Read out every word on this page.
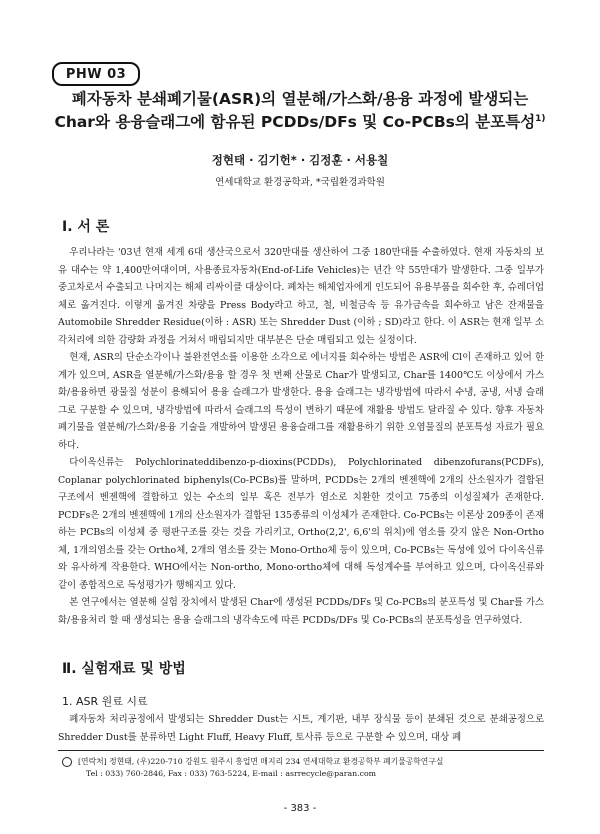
PHW 03
폐자동차 분쇄폐기물(ASR)의 열분해/가스화/용융 과정에 발생되는
Char와 용융슬래그에 함유된 PCDDs/DFs 및 Co-PCBs의 분포특성$^{1)}$
정현태 · 김기헌* · 김정훈 · 서용칠
연세대학교 환경공학과, *국립환경과학원
Ⅰ. 서 론

우리나라는 '03년 현재 세계 6대 생산국으로서 320만대를 생산하여 그중 180만대를 수출하였다. 현재 자동차의 보유 대수는 약 1,400만여대이며, 사용종료자동차(End-of-Life Vehicles)는 년간 약 55만대가 발생한다. 그중 일부가 중고차로서 수출되고 나머지는 해체 리싸이클 대상이다. 폐차는 해체업자에게 인도되어 유용부품을 회수한 후, 슈레더업체로 옮겨진다. 이렇게 옮겨진 차량을 Press Body라고 하고, 철, 비철금속 등 유가금속을 회수하고 남은 잔재물을 Automobile Shredder Residue(이하 : ASR) 또는 Shredder Dust (이하 ; SD)라고 한다. 이 ASR는 현재 일부 소각처리에 의한 감량화 과정을 거쳐서 매립되지만 대부분은 단순 매립되고 있는 실정이다.

현재, ASR의 단순소각이나 불완전연소를 이용한 소각으로 에너지를 회수하는 방법은 ASR에 Cl이 존재하고 있어 한계가 있으며, ASR을 열분해/가스화/용융 할 경우 첫 번째 산물로 Char가 발생되고, Char를 1400℃도 이상에서 가스화/용융하면 광물질 성분이 용해되어 용융 슬래그가 발생한다. 용융 슬래그는 냉각방법에 따라서 수냉, 공냉, 서냉 슬래그로 구분할 수 있으며, 냉각방법에 따라서 슬래그의 특성이 변하기 때문에 재활용 방법도 달라질 수 있다. 향후 자동차 폐기물을 열분해/가스화/용융 기술을 개발하여 발생된 용융슬래그를 재활용하기 위한 오염물질의 분포특성 자료가 필요하다.

다이옥신류는 Polychlorinateddibenzo-p-dioxins(PCDDs), Polychlorinated dibenzofurans(PCDFs), Coplanar polychlorinated biphenyls(Co-PCBs)를 말하며, PCDDs는 2개의 벤젠핵에 2개의 산소원자가 결합된 구조에서 벤젠핵에 결합하고 있는 수소의 일부 혹은 전부가 염소로 치환한 것이고 75종의 이성질체가 존재한다. PCDFs은 2개의 벤젠핵에 1개의 산소원자가 결합된 135종류의 이성체가 존재한다. Co-PCBs는 이론상 209종이 존재하는 PCBs의 이성체 중 평판구조를 갖는 것을 가리키고, Ortho(2,2', 6,6'의 위치)에 염소를 갖지 않은 Non-Ortho체, 1개의염소를 갖는 Ortho체, 2개의 염소를 갖는 Mono-Ortho체 등이 있으며, Co-PCBs는 독성에 있어 다이옥신류와 유사하게 작용한다. WHO에서는 Non-ortho, Mono-ortho체에 대해 독성계수를 부여하고 있으며, 다이옥신류와 같이 종합적으로 독성평가가 행해지고 있다.

본 연구에서는 열분해 실험 장치에서 발생된 Char에 생성된 PCDDs/DFs 및 Co-PCBs의 분포특성 및 Char를 가스화/용융처리 할 때 생성되는 용융 슬래그의 냉각속도에 따른 PCDDs/DFs 및 Co-PCBs의 분포특성을 연구하였다.

Ⅱ. 실험재료 및 방법
1. ASR 원료 시료

폐자동차 처리공정에서 발생되는 Shredder Dust는 시트, 계기판, 내부 장식물 등이 분쇄된 것으로 분쇄공정으로 Shredder Dust를 분류하면 Light Fluff, Heavy Fluff, 토사류 등으로 구분할 수 있으며, 대상 폐

[연락처] 정현태, (우)220-710 강원도 원주시 흥업면 매지리 234 연세대학교 환경공학부 폐기물공학연구실
Tel : 033) 760-2846, Fax : 033) 763-5224, E-mail : asrrecycle@paran.com
- 383 -
